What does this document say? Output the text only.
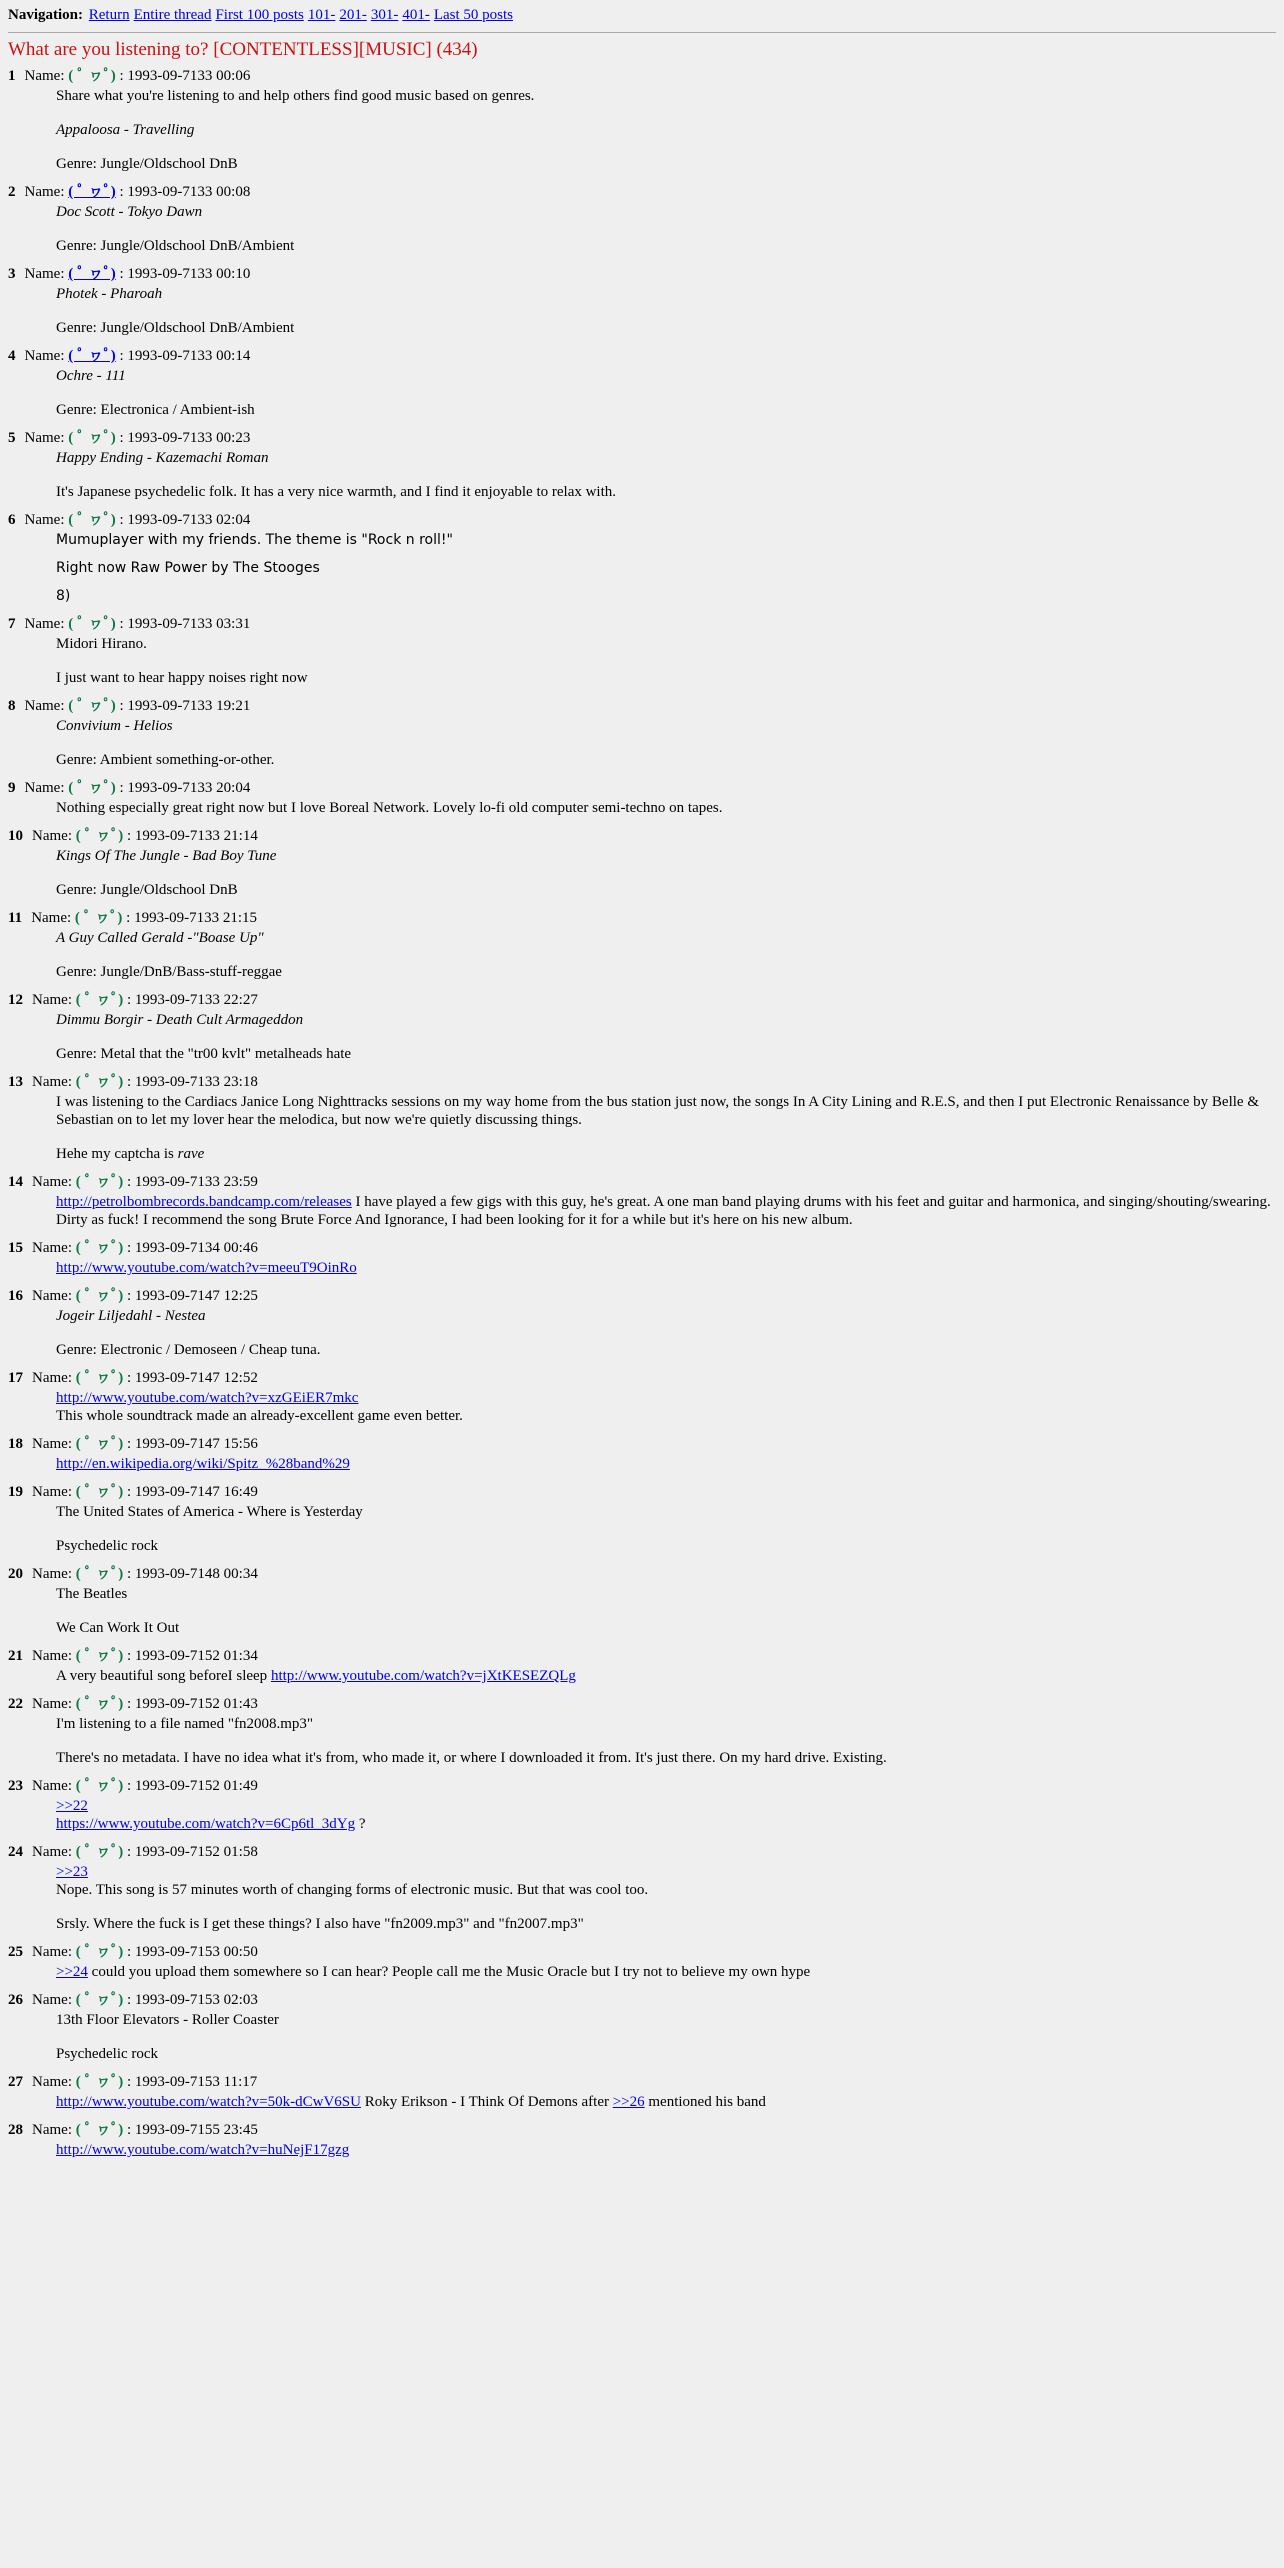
Navigation: Return Entire thread First 100 posts 101- 201- 301- 401- Last 50 posts
What are you listening to? [CONTENTLESS][MUSIC] (434)
1 Name: ( ﾟ ヮﾟ) : 1993-09-7133 00:06

Share what you're listening to and help others find good music based on genres.

Appaloosa - Travelling

Genre: Jungle/Oldschool DnB

2 Name: ( ﾟ ヮﾟ) : 1993-09-7133 00:08

Doc Scott - Tokyo Dawn

Genre: Jungle/Oldschool DnB/Ambient

3 Name: ( ﾟ ヮﾟ) : 1993-09-7133 00:10

Photek - Pharoah

Genre: Jungle/Oldschool DnB/Ambient

4 Name: ( ﾟ ヮﾟ) : 1993-09-7133 00:14

Ochre - 111

Genre: Electronica / Ambient-ish

5 Name: ( ﾟ ヮﾟ) : 1993-09-7133 00:23

Happy Ending - Kazemachi Roman

It's Japanese psychedelic folk. It has a very nice warmth, and I find it enjoyable to relax with.

6 Name: ( ﾟ ヮﾟ) : 1993-09-7133 02:04

Mumuplayer with my friends. The theme is "Rock n roll!"

Right now Raw Power by The Stooges

8)

7 Name: ( ﾟ ヮﾟ) : 1993-09-7133 03:31

Midori Hirano.

I just want to hear happy noises right now

8 Name: ( ﾟ ヮﾟ) : 1993-09-7133 19:21

Convivium - Helios

Genre: Ambient something-or-other.

9 Name: ( ﾟ ヮﾟ) : 1993-09-7133 20:04

Nothing especially great right now but I love Boreal Network. Lovely lo-fi old computer semi-techno on tapes.

10 Name: ( ﾟ ヮﾟ) : 1993-09-7133 21:14

Kings Of The Jungle - Bad Boy Tune

Genre: Jungle/Oldschool DnB

11 Name: ( ﾟ ヮﾟ) : 1993-09-7133 21:15

A Guy Called Gerald -"Boase Up"

Genre: Jungle/DnB/Bass-stuff-reggae

12 Name: ( ﾟ ヮﾟ) : 1993-09-7133 22:27

Dimmu Borgir - Death Cult Armageddon

Genre: Metal that the "tr00 kvlt" metalheads hate

13 Name: ( ﾟ ヮﾟ) : 1993-09-7133 23:18

I was listening to the Cardiacs Janice Long Nighttracks sessions on my way home from the bus station just now, the songs In A City Lining and R.E.S, and then I put Electronic Renaissance by Belle & Sebastian on to let my lover hear the melodica, but now we're quietly discussing things.

Hehe my captcha is rave

14 Name: ( ﾟ ヮﾟ) : 1993-09-7133 23:59

http://petrolbombrecords.bandcamp.com/releases I have played a few gigs with this guy, he's great. A one man band playing drums with his feet and guitar and harmonica, and singing/shouting/swearing. Dirty as fuck! I recommend the song Brute Force And Ignorance, I had been looking for it for a while but it's here on his new album.

15 Name: ( ﾟ ヮﾟ) : 1993-09-7134 00:46

http://www.youtube.com/watch?v=meeuT9OinRo

16 Name: ( ﾟ ヮﾟ) : 1993-09-7147 12:25

Jogeir Liljedahl - Nestea

Genre: Electronic / Demoseen / Cheap tuna.

17 Name: ( ﾟ ヮﾟ) : 1993-09-7147 12:52

http://www.youtube.com/watch?v=xzGEiER7mkc
This whole soundtrack made an already-excellent game even better.

18 Name: ( ﾟ ヮﾟ) : 1993-09-7147 15:56

http://en.wikipedia.org/wiki/Spitz_%28band%29

19 Name: ( ﾟ ヮﾟ) : 1993-09-7147 16:49

The United States of America - Where is Yesterday

Psychedelic rock

20 Name: ( ﾟ ヮﾟ) : 1993-09-7148 00:34

The Beatles

We Can Work It Out

21 Name: ( ﾟ ヮﾟ) : 1993-09-7152 01:34

A very beautiful song beforeI sleep http://www.youtube.com/watch?v=jXtKESEZQLg

22 Name: ( ﾟ ヮﾟ) : 1993-09-7152 01:43

I'm listening to a file named "fn2008.mp3"

There's no metadata. I have no idea what it's from, who made it, or where I downloaded it from. It's just there. On my hard drive. Existing.

23 Name: ( ﾟ ヮﾟ) : 1993-09-7152 01:49

>>22
https://www.youtube.com/watch?v=6Cp6tl_3dYg ?

24 Name: ( ﾟ ヮﾟ) : 1993-09-7152 01:58

>>23
Nope. This song is 57 minutes worth of changing forms of electronic music. But that was cool too.

Srsly. Where the fuck is I get these things? I also have "fn2009.mp3" and "fn2007.mp3"

25 Name: ( ﾟ ヮﾟ) : 1993-09-7153 00:50

>>24 could you upload them somewhere so I can hear? People call me the Music Oracle but I try not to believe my own hype

26 Name: ( ﾟ ヮﾟ) : 1993-09-7153 02:03

13th Floor Elevators - Roller Coaster

Psychedelic rock

27 Name: ( ﾟ ヮﾟ) : 1993-09-7153 11:17

http://www.youtube.com/watch?v=50k-dCwV6SU Roky Erikson - I Think Of Demons after >>26 mentioned his band

28 Name: ( ﾟ ヮﾟ) : 1993-09-7155 23:45

http://www.youtube.com/watch?v=huNejF17gzg
